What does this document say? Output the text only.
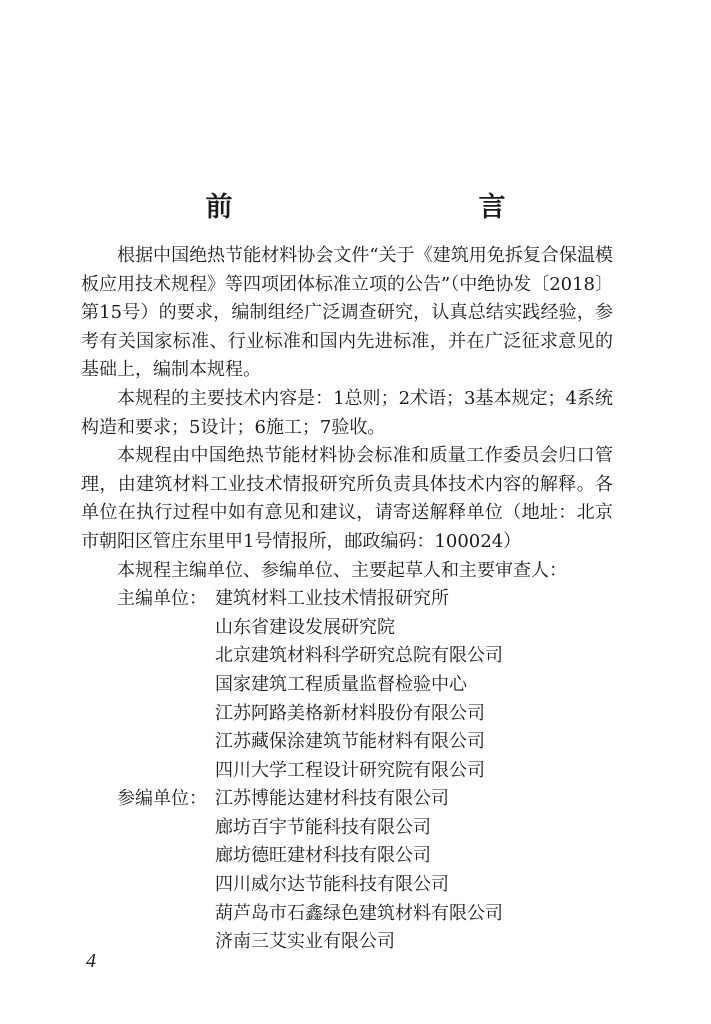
前　　言

根据中国绝热节能材料协会文件“关于《建筑用免拆复合保温模板应用技术规程》等四项团体标准立项的公告”（中绝协发〔2018〕第15号）的要求，编制组经广泛调查研究，认真总结实践经验，参考有关国家标准、行业标准和国内先进标准，并在广泛征求意见的基础上，编制本规程。

本规程的主要技术内容是：1总则；2术语；3基本规定；4系统构造和要求；5设计；6施工；7验收。

本规程由中国绝热节能材料协会标准和质量工作委员会归口管理，由建筑材料工业技术情报研究所负责具体技术内容的解释。各单位在执行过程中如有意见和建议，请寄送解释单位（地址：北京市朝阳区管庄东里甲1号情报所，邮政编码：100024）

本规程主编单位、参编单位、主要起草人和主要审查人：

主编单位： 建筑材料工业技术情报研究所
山东省建设发展研究院
北京建筑材料科学研究总院有限公司
国家建筑工程质量监督检验中心
江苏阿路美格新材料股份有限公司
江苏藏保涂建筑节能材料有限公司
四川大学工程设计研究院有限公司
参编单位： 江苏博能达建材科技有限公司
廊坊百宇节能科技有限公司
廊坊德旺建材科技有限公司
四川威尔达节能科技有限公司
葫芦岛市石鑫绿色建筑材料有限公司
济南三艾实业有限公司
4
